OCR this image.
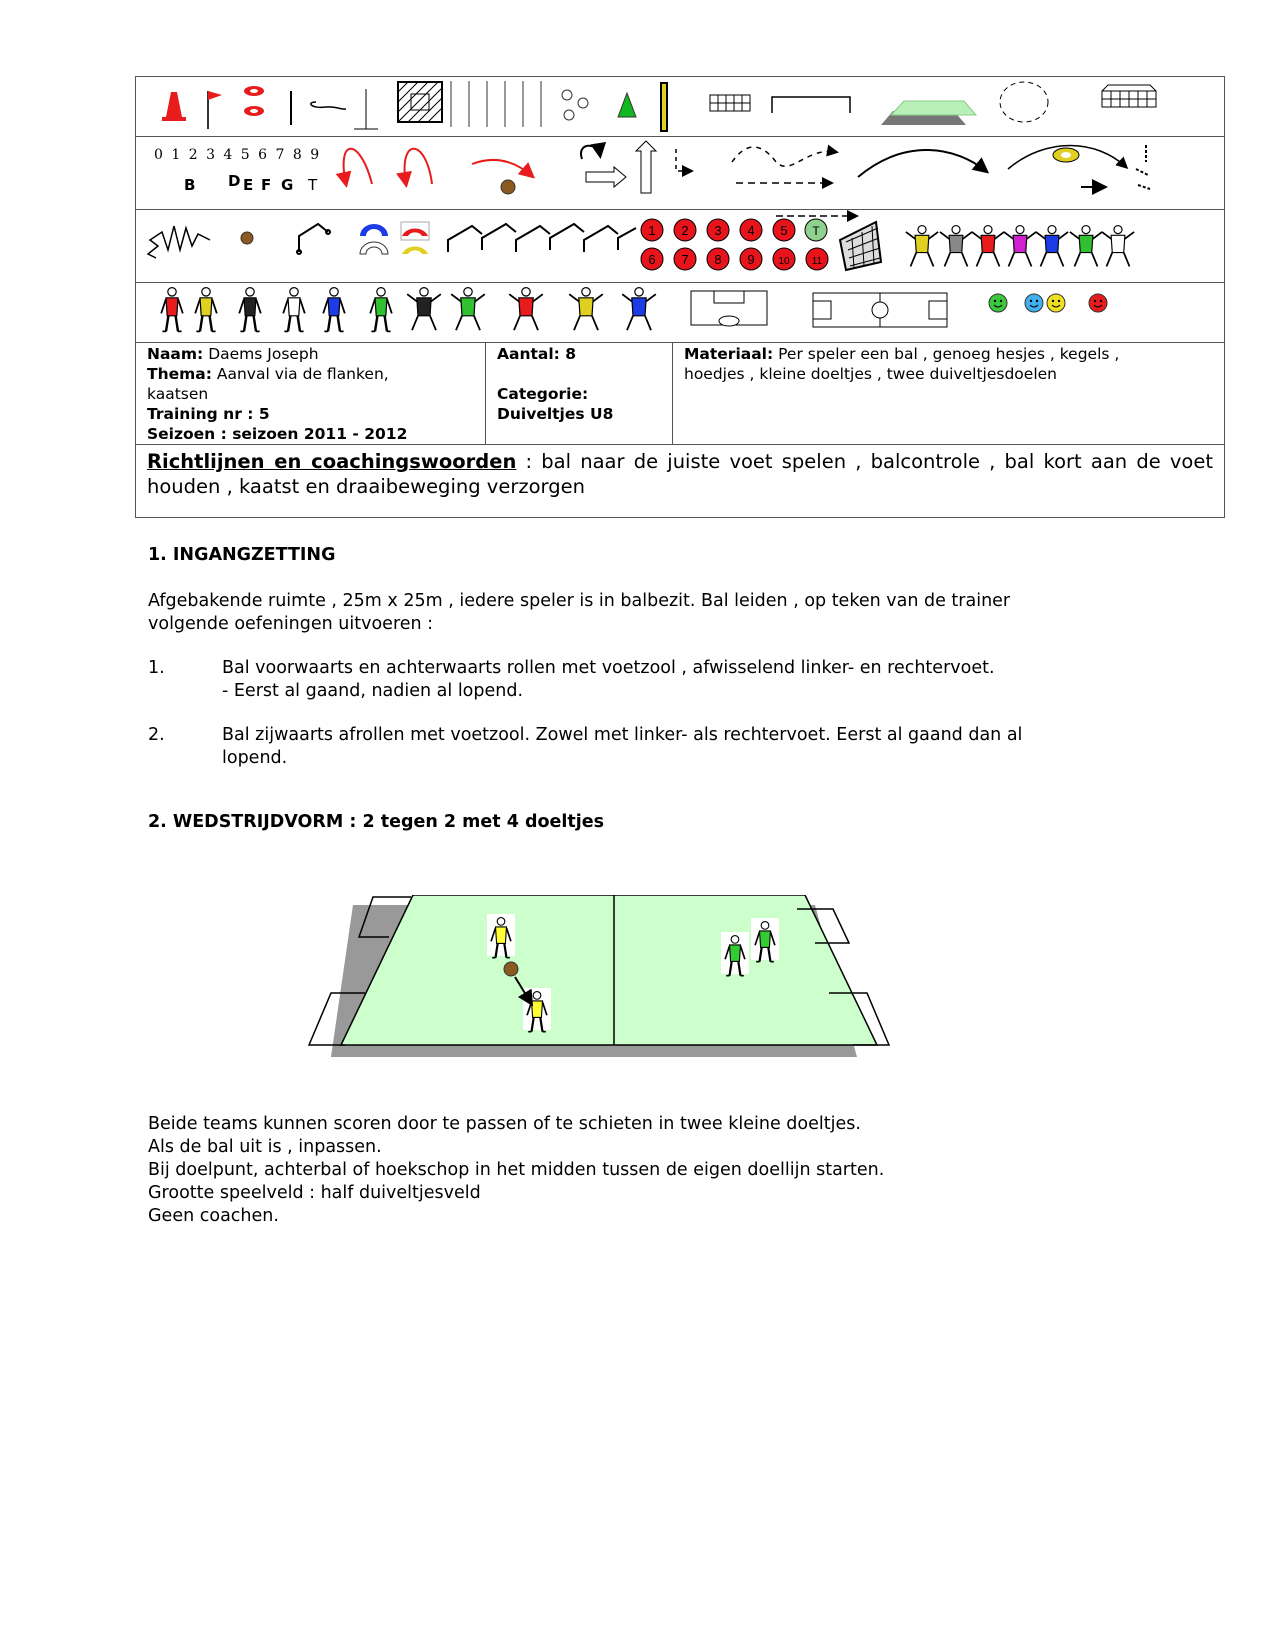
0 1 2 3 4 5 6 7 8 9
B D E F G T
1 2 3 4 5 T
6 7 8 9 10 11
Naam: Daems Joseph
Thema: Aanval via de flanken,
kaatsen
Training nr : 5
Seizoen : seizoen 2011 - 2012
Aantal: 8

Categorie:
Duiveltjes U8
Materiaal: Per speler een bal , genoeg hesjes , kegels ,
hoedjes , kleine doeltjes , twee duiveltjesdoelen
Richtlijnen en coachingswoorden : bal naar de juiste voet spelen , balcontrole , bal kort aan de voet houden , kaatst en draaibeweging verzorgen
1. INGANGZETTING
Afgebakende ruimte , 25m x 25m , iedere speler is in balbezit. Bal leiden , op teken van de trainer
volgende oefeningen uitvoeren :
1.	Bal voorwaarts en achterwaarts rollen met voetzool , afwisselend linker- en rechtervoet.
- Eerst al gaand, nadien al lopend.
2.	Bal zijwaarts afrollen met voetzool. Zowel met linker- als rechtervoet. Eerst al gaand dan al
lopend.
2. WEDSTRIJDVORM : 2 tegen 2 met 4 doeltjes
Beide teams kunnen scoren door te passen of te schieten in twee kleine doeltjes.
Als de bal uit is , inpassen.
Bij doelpunt, achterbal of hoekschop in het midden tussen de eigen doellijn starten.
Grootte speelveld : half duiveltjesveld
Geen coachen.
